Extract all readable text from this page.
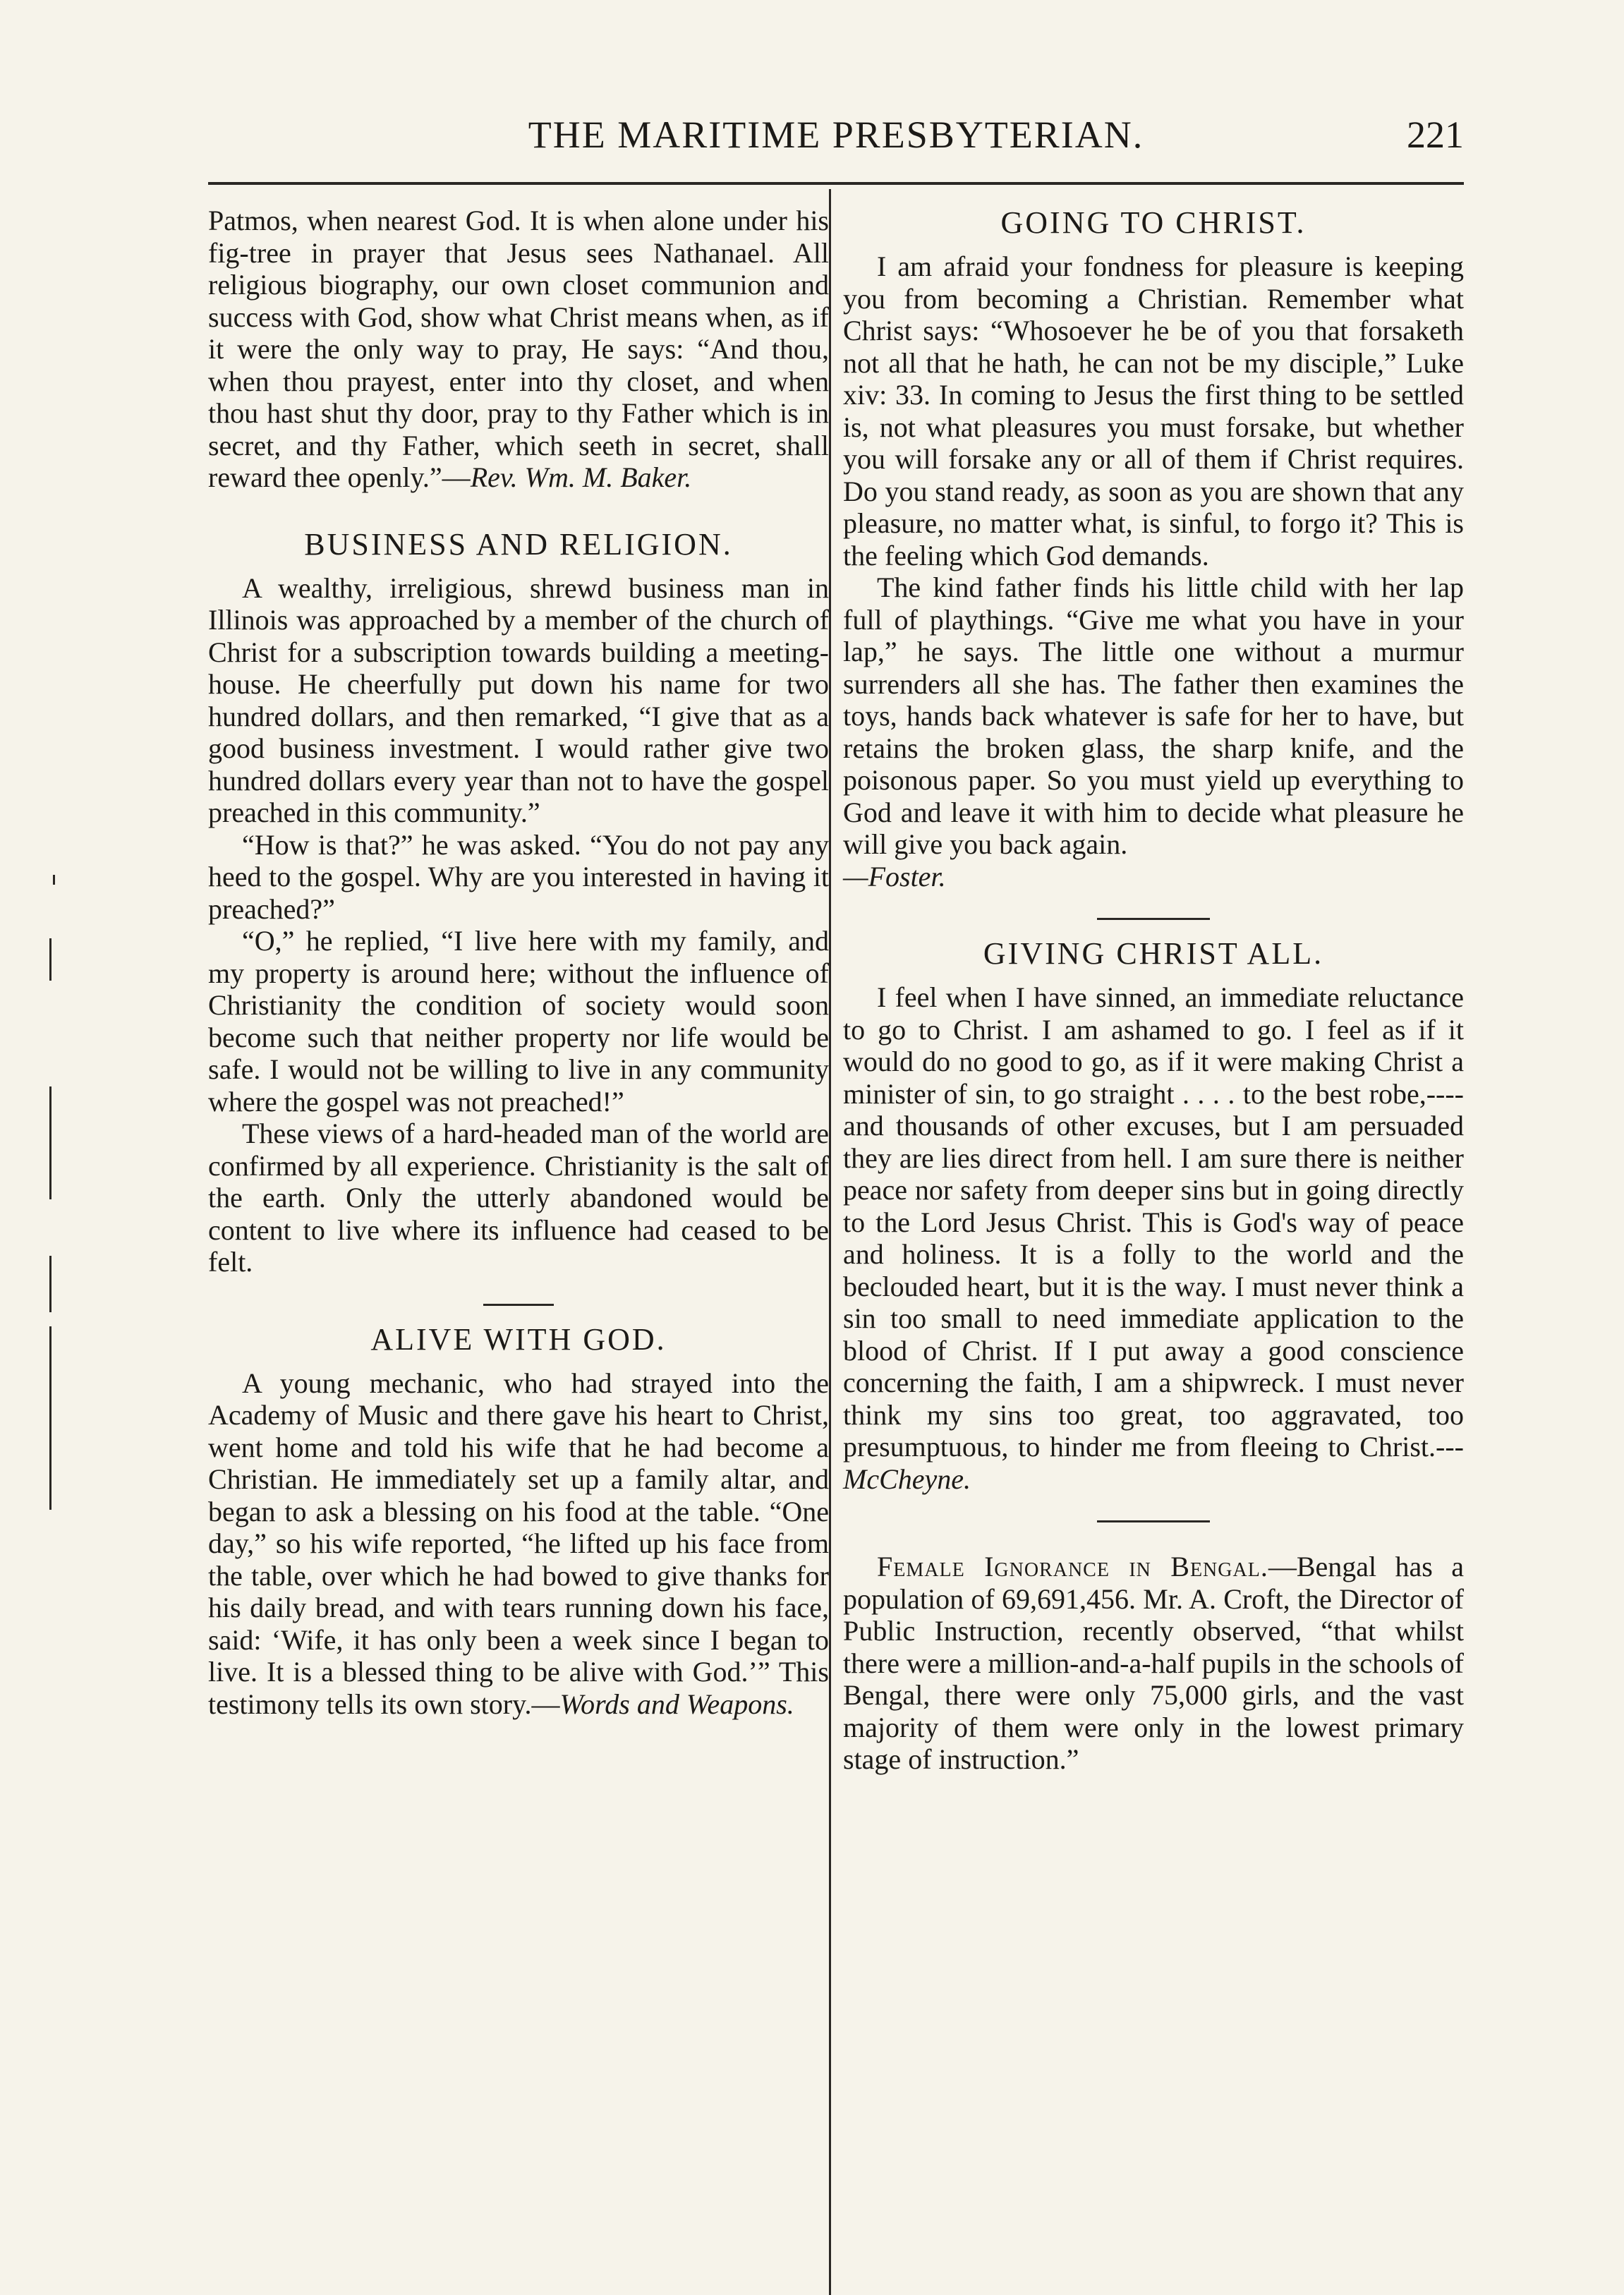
THE MARITIME PRESBYTERIAN.	221

Patmos, when nearest God. It is when alone under his fig-tree in prayer that Jesus sees Nathanael. All religious biography, our own closet communion and success with God, show what Christ means when, as if it were the only way to pray, He says: “And thou, when thou prayest, enter into thy closet, and when thou hast shut thy door, pray to thy Father which is in secret, and thy Father, which seeth in secret, shall reward thee openly.”—Rev. Wm. M. Baker.

BUSINESS AND RELIGION.

A wealthy, irreligious, shrewd business man in Illinois was approached by a member of the church of Christ for a subscription towards building a meeting-house. He cheerfully put down his name for two hundred dollars, and then remarked, “I give that as a good business investment. I would rather give two hundred dollars every year than not to have the gospel preached in this community.”

“How is that?” he was asked. “You do not pay any heed to the gospel. Why are you interested in having it preached?”

“O,” he replied, “I live here with my family, and my property is around here; without the influence of Christianity the condition of society would soon become such that neither property nor life would be safe. I would not be willing to live in any community where the gospel was not preached!”

These views of a hard-headed man of the world are confirmed by all experience. Christianity is the salt of the earth. Only the utterly abandoned would be content to live where its influence had ceased to be felt.

ALIVE WITH GOD.

A young mechanic, who had strayed into the Academy of Music and there gave his heart to Christ, went home and told his wife that he had become a Christian. He immediately set up a family altar, and began to ask a blessing on his food at the table. “One day,” so his wife reported, “he lifted up his face from the table, over which he had bowed to give thanks for his daily bread, and with tears running down his face, said: ‘Wife, it has only been a week since I began to live. It is a blessed thing to be alive with God.’” This testimony tells its own story.—Words and Weapons.

GOING TO CHRIST.

I am afraid your fondness for pleasure is keeping you from becoming a Christian. Remember what Christ says: “Whosoever he be of you that forsaketh not all that he hath, he can not be my disciple,” Luke xiv: 33. In coming to Jesus the first thing to be settled is, not what pleasures you must forsake, but whether you will forsake any or all of them if Christ requires. Do you stand ready, as soon as you are shown that any pleasure, no matter what, is sinful, to forgo it? This is the feeling which God demands.

The kind father finds his little child with her lap full of playthings. “Give me what you have in your lap,” he says. The little one without a murmur surrenders all she has. The father then examines the toys, hands back whatever is safe for her to have, but retains the broken glass, the sharp knife, and the poisonous paper. So you must yield up everything to God and leave it with him to decide what pleasure he will give you back again.

—Foster.

GIVING CHRIST ALL.

I feel when I have sinned, an immediate reluctance to go to Christ. I am ashamed to go. I feel as if it would do no good to go, as if it were making Christ a minister of sin, to go straight . . . . to the best robe,----and thousands of other excuses, but I am persuaded they are lies direct from hell. I am sure there is neither peace nor safety from deeper sins but in going directly to the Lord Jesus Christ. This is God's way of peace and holiness. It is a folly to the world and the beclouded heart, but it is the way. I must never think a sin too small to need immediate application to the blood of Christ. If I put away a good conscience concerning the faith, I am a shipwreck. I must never think my sins too great, too aggravated, too presumptuous, to hinder me from fleeing to Christ.---McCheyne.

Female Ignorance in Bengal.—Bengal has a population of 69,691,456. Mr. A. Croft, the Director of Public Instruction, recently observed, “that whilst there were a million-and-a-half pupils in the schools of Bengal, there were only 75,000 girls, and the vast majority of them were only in the lowest primary stage of instruction.”
